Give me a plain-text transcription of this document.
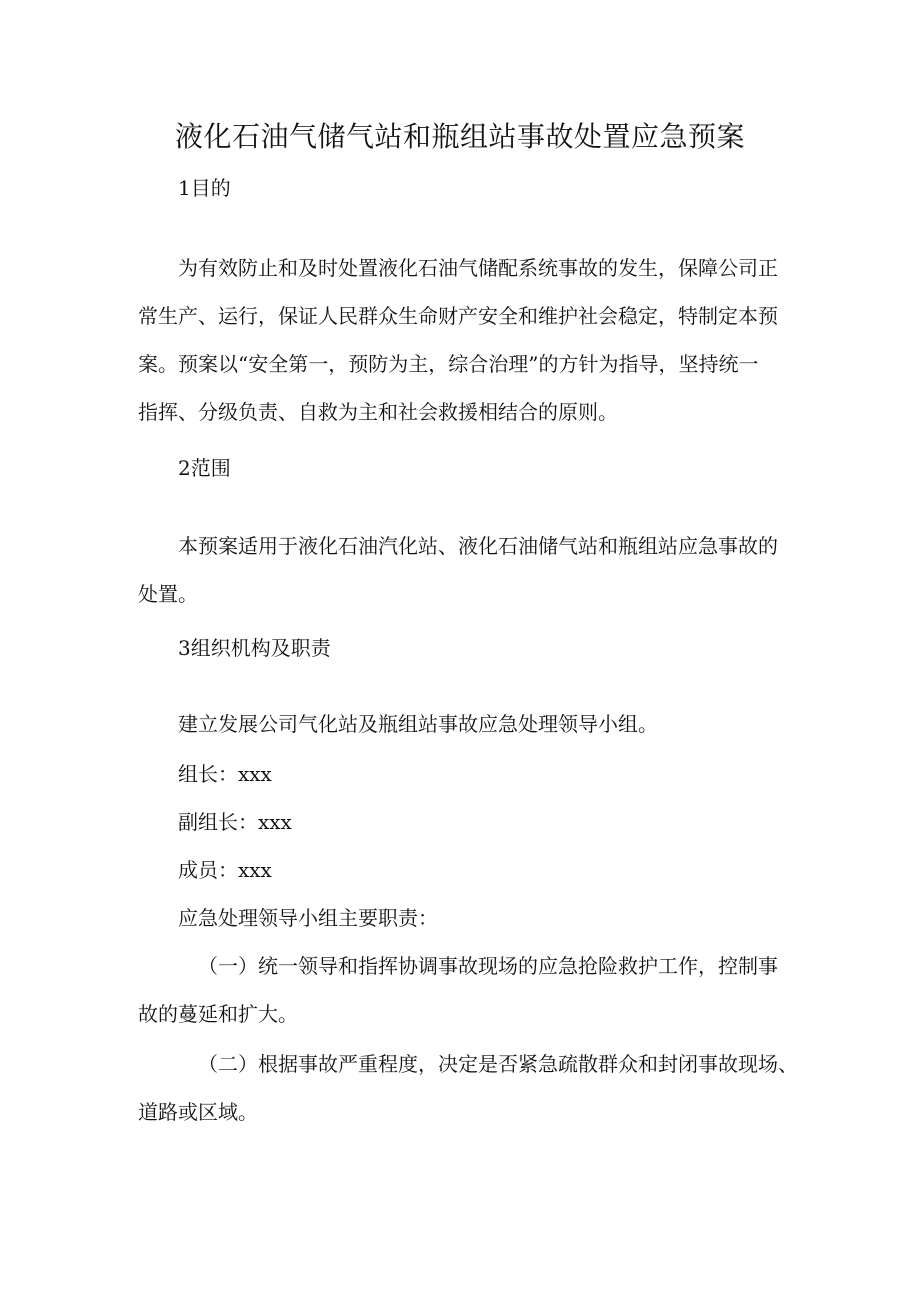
液化石油气储气站和瓶组站事故处置应急预案
1目的
为有效防止和及时处置液化石油气储配系统事故的发生，保障公司正
常生产、运行，保证人民群众生命财产安全和维护社会稳定，特制定本预
案。预案以“安全第一，预防为主，综合治理”的方针为指导，坚持统一
指挥、分级负责、自救为主和社会救援相结合的原则。
2范围
本预案适用于液化石油汽化站、液化石油储气站和瓶组站应急事故的
处置。
3组织机构及职责
建立发展公司气化站及瓶组站事故应急处理领导小组。
组长：xxx
副组长：xxx
成员：xxx
应急处理领导小组主要职责：
（一）统一领导和指挥协调事故现场的应急抢险救护工作，控制事
故的蔓延和扩大。
（二）根据事故严重程度，决定是否紧急疏散群众和封闭事故现场、
道路或区域。
